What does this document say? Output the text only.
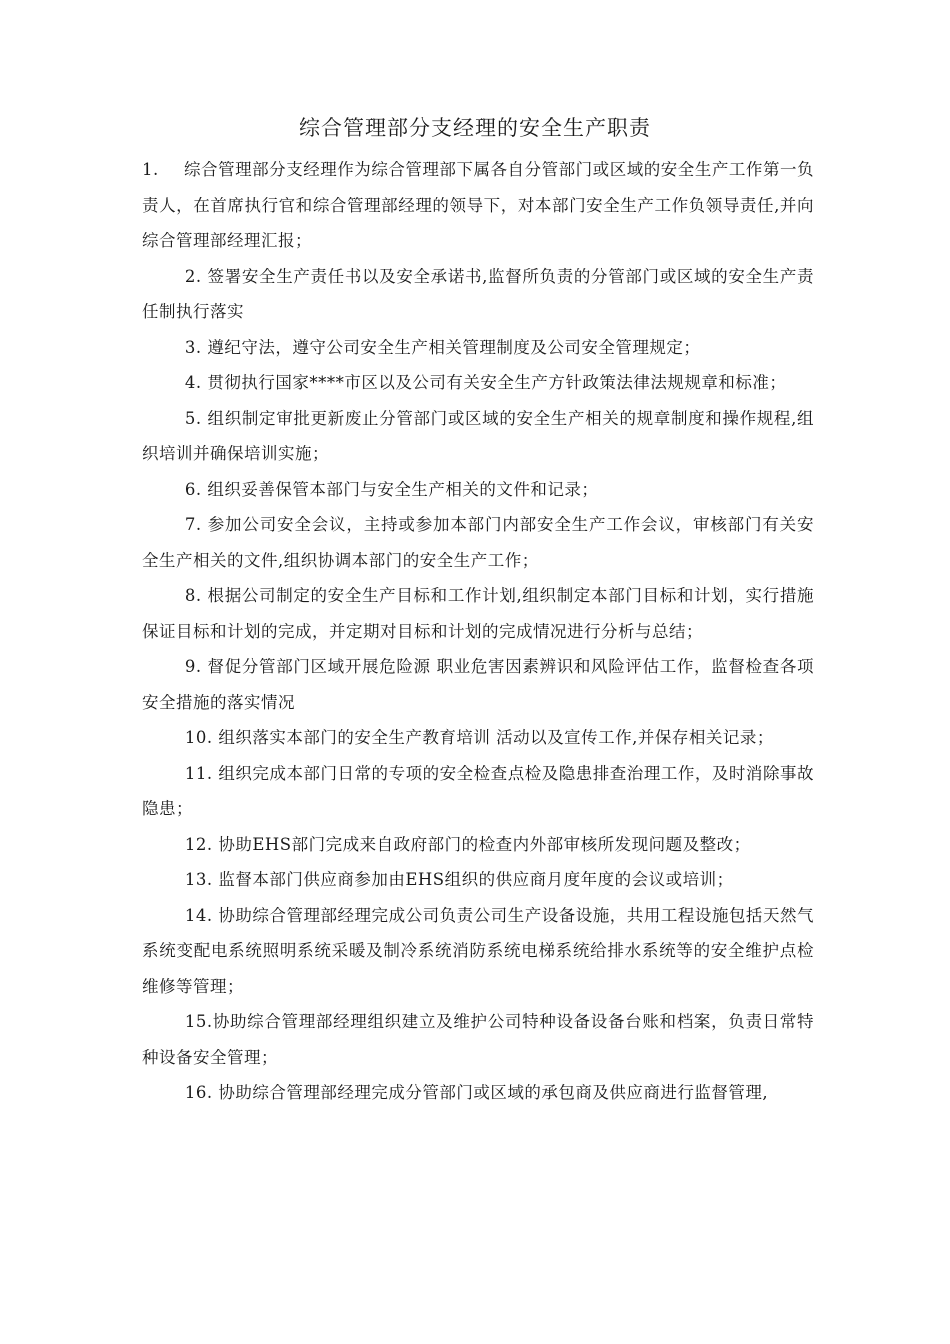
综合管理部分支经理的安全生产职责

1. 综合管理部分支经理作为综合管理部下属各自分管部门或区域的安全生产工作第一负责人，在首席执行官和综合管理部经理的领导下，对本部门安全生产工作负领导责任,并向综合管理部经理汇报；

2. 签署安全生产责任书以及安全承诺书,监督所负责的分管部门或区域的安全生产责任制执行落实

3. 遵纪守法，遵守公司安全生产相关管理制度及公司安全管理规定；

4. 贯彻执行国家****市区以及公司有关安全生产方针政策法律法规规章和标准；

5. 组织制定审批更新废止分管部门或区域的安全生产相关的规章制度和操作规程,组织培训并确保培训实施；

6. 组织妥善保管本部门与安全生产相关的文件和记录；

7. 参加公司安全会议，主持或参加本部门内部安全生产工作会议，审核部门有关安全生产相关的文件,组织协调本部门的安全生产工作；

8. 根据公司制定的安全生产目标和工作计划,组织制定本部门目标和计划，实行措施保证目标和计划的完成，并定期对目标和计划的完成情况进行分析与总结；

9. 督促分管部门区域开展危险源 职业危害因素辨识和风险评估工作，监督检查各项安全措施的落实情况

10. 组织落实本部门的安全生产教育培训 活动以及宣传工作,并保存相关记录；

11. 组织完成本部门日常的专项的安全检查点检及隐患排查治理工作，及时消除事故隐患；

12. 协助EHS部门完成来自政府部门的检查内外部审核所发现问题及整改；

13. 监督本部门供应商参加由EHS组织的供应商月度年度的会议或培训；

14. 协助综合管理部经理完成公司负责公司生产设备设施，共用工程设施包括天然气系统变配电系统照明系统采暖及制冷系统消防系统电梯系统给排水系统等的安全维护点检维修等管理；

15.协助综合管理部经理组织建立及维护公司特种设备设备台账和档案，负责日常特种设备安全管理；

16. 协助综合管理部经理完成分管部门或区域的承包商及供应商进行监督管理,
